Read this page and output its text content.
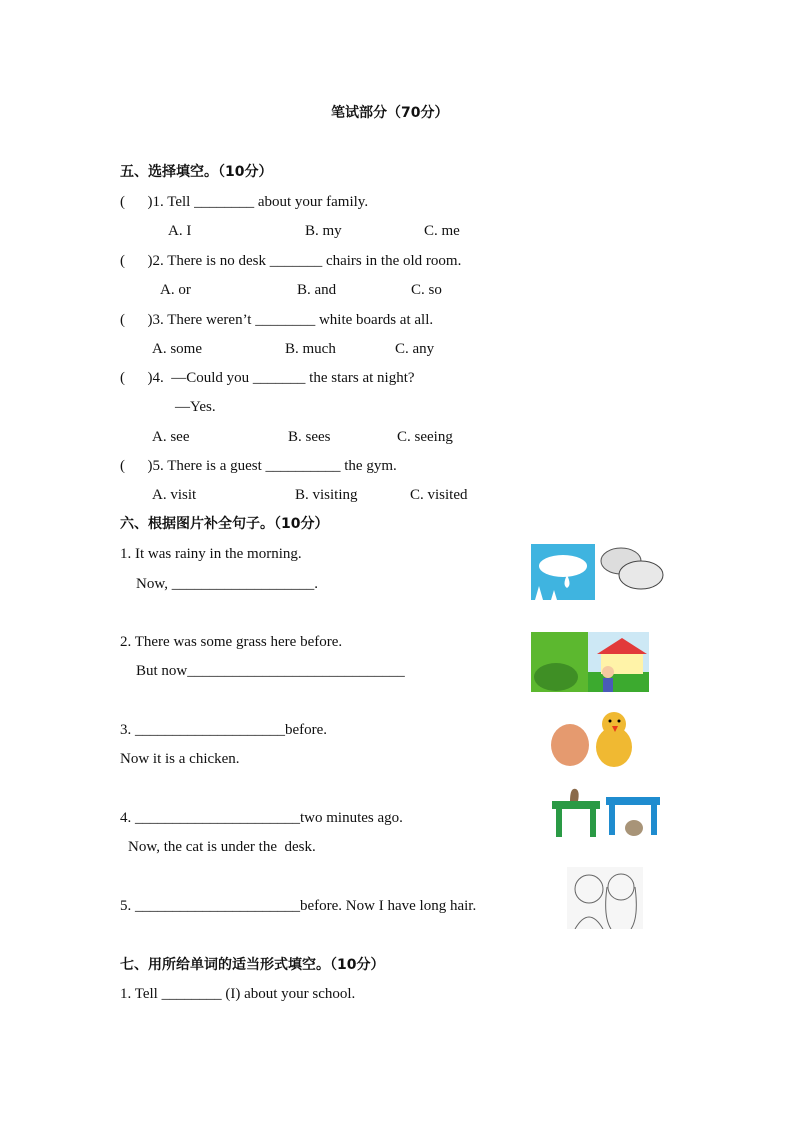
笔试部分（70分）
五、选择填空。（10分）
(      )1. Tell ________ about your family.
A. I	B. my	C. me
(      )2. There is no desk _______ chairs in the old room.
A. or	B. and	C. so
(      )3. There weren’t ________ white boards at all.
A. some	B. much	C. any
(      )4.  —Could you _______ the stars at night?
—Yes.
A. see	B. sees	C. seeing
(      )5. There is a guest __________ the gym.
A. visit	B. visiting	C. visited
六、根据图片补全句子。（10分）
1. It was rainy in the morning.
Now, ___________________.
2. There was some grass here before.
But now_____________________________
3. ____________________before.
Now it is a chicken.
4. ______________________two minutes ago.
Now, the cat is under the  desk.
5. ______________________before. Now I have long hair.
七、用所给单词的适当形式填空。（10分）
1. Tell ________ (I) about your school.
